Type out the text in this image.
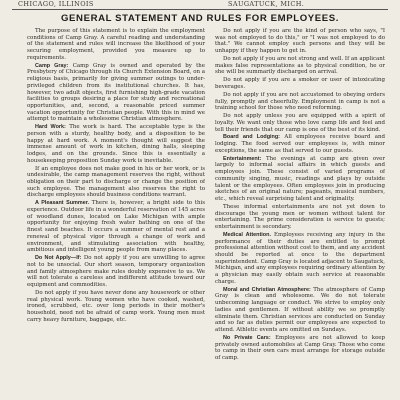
CHICAGO, ILLINOIS	SAUGATUCK, MICH.
GENERAL STATEMENT AND RULES FOR EMPLOYEES.

The purpose of this statement is to explain the employment conditions of Camp Gray. A careful reading and understanding of the statement and rules will increase the likelihood of your securing employment, provided you measure up to requirements.

Camp Gray: Camp Gray is owned and operated by the Presbytery of Chicago through its Church Extension Board, on a religious basis, primarily for giving summer outings to under-privileged children from its institutional churches. It has, however, two adult objects, first furnishing high-grade vacation facilities to groups desiring a place for study and recreational opportunities, and, second, a reasonable priced summer vacation opportunity for Christian people. With this in mind we attempt to maintain a wholesome Christian atmosphere.

Hard Work: The work is hard. The acceptable type is the person with a sturdy, healthy body, and a disposition to be happy at hard work. A moment's thought will suggest the immense amount of work in kitchen, dining halls, sleeping lodges, and on the grounds. Since this is essentially a housekeeping proposition Sunday work is inevitable.

If an employee does not make good in his or her work, or is undesirable, the camp management reserves the right, without obligation on their part to discharge or change the position of such employee. The management also reserves the right to discharge employees should business conditions warrant.

A Pleasant Summer. There is, however, a bright side to this experience. Outdoor life in a wonderful reservation of 145 acres of woodland dunes, located on Lake Michigan with ample opportunity for enjoying fresh water bathing on one of the finest sand beaches. It occurs a summer of mental rest and a renewal of physical vigor through a change of work and environment, and stimulating association with healthy, ambitious and intelligent young people from many places.

Do Not Apply—If: Do not apply if you are unwilling to agree not to be unsocial. Our short season, temporary organization and family atmosphere make rules doubly expensive to us. We will not tolerate a careless and indifferent attitude toward our equipment and commodities.

Do not apply if you have never done any housework or other real physical work. Young women who have cooked, washed, ironed, scrubbed, etc. over long periods in their mother's household, need not be afraid of camp work. Young men must carry heavy furniture, baggage, etc.

Do not apply if you are the kind of person who says, "I was not employed to do this," or "I was not employed to do that." We cannot employ such persons and they will be unhappy if they happen to get in.

Do not apply if you are not strong and well. If an applicant makes false representations as to physical condition, he or she will be summarily discharged on arrival.

Do not apply if you are a smoker or user of intoxicating beverages.

Do not apply if you are not accustomed to obeying orders fully, promptly and cheerfully. Employment in camp is not a training school for those who need reforming.

Do not apply unless you are equipped with a spirit of loyalty. We want only those who love camp life and feel and tell their friends that our camp is one of the best of its kind.

Board and Lodging: All employees receive board and lodging. The food served our employees is, with minor exceptions, the same as that served to our guests.

Entertainment: The evenings at camp are given over largely to informal social affairs in which guests and employees join. These consist of varied programs of community singing, music, readings and plays by outside talent or the employees. Often employees join in producing sketches of an original nature; pageants, musical numbers, etc., which reveal surprising talent and originality.

These informal entertainments are not yet down to discourage the young men or women without talent for entertaining. The prime consideration is service to guests; entertainment is secondary.

Medical Attention. Employees receiving any injury in the performance of their duties are entitled to prompt professional attention without cost to them, and any accident should be reported at once to the department superintendent. Camp Gray is located adjacent to Saugatuck, Michigan, and any employees requiring ordinary attention by a physician may easily obtain such service at reasonable charge.

Moral and Christian Atmosphere: The atmosphere of Camp Gray is clean and wholesome. We do not tolerate unbecoming language or conduct. We strive to employ only ladies and gentlemen. If without ability we so promptly eliminate them. Christian services are conducted on Sunday and so far as duties permit our employees are expected to attend. Athletic events are omitted on Sundays.

No Private Cars: Employees are not allowed to keep privately owned automobiles at Camp Gray. Those who come to camp in their own cars must arrange for storage outside of camp.
